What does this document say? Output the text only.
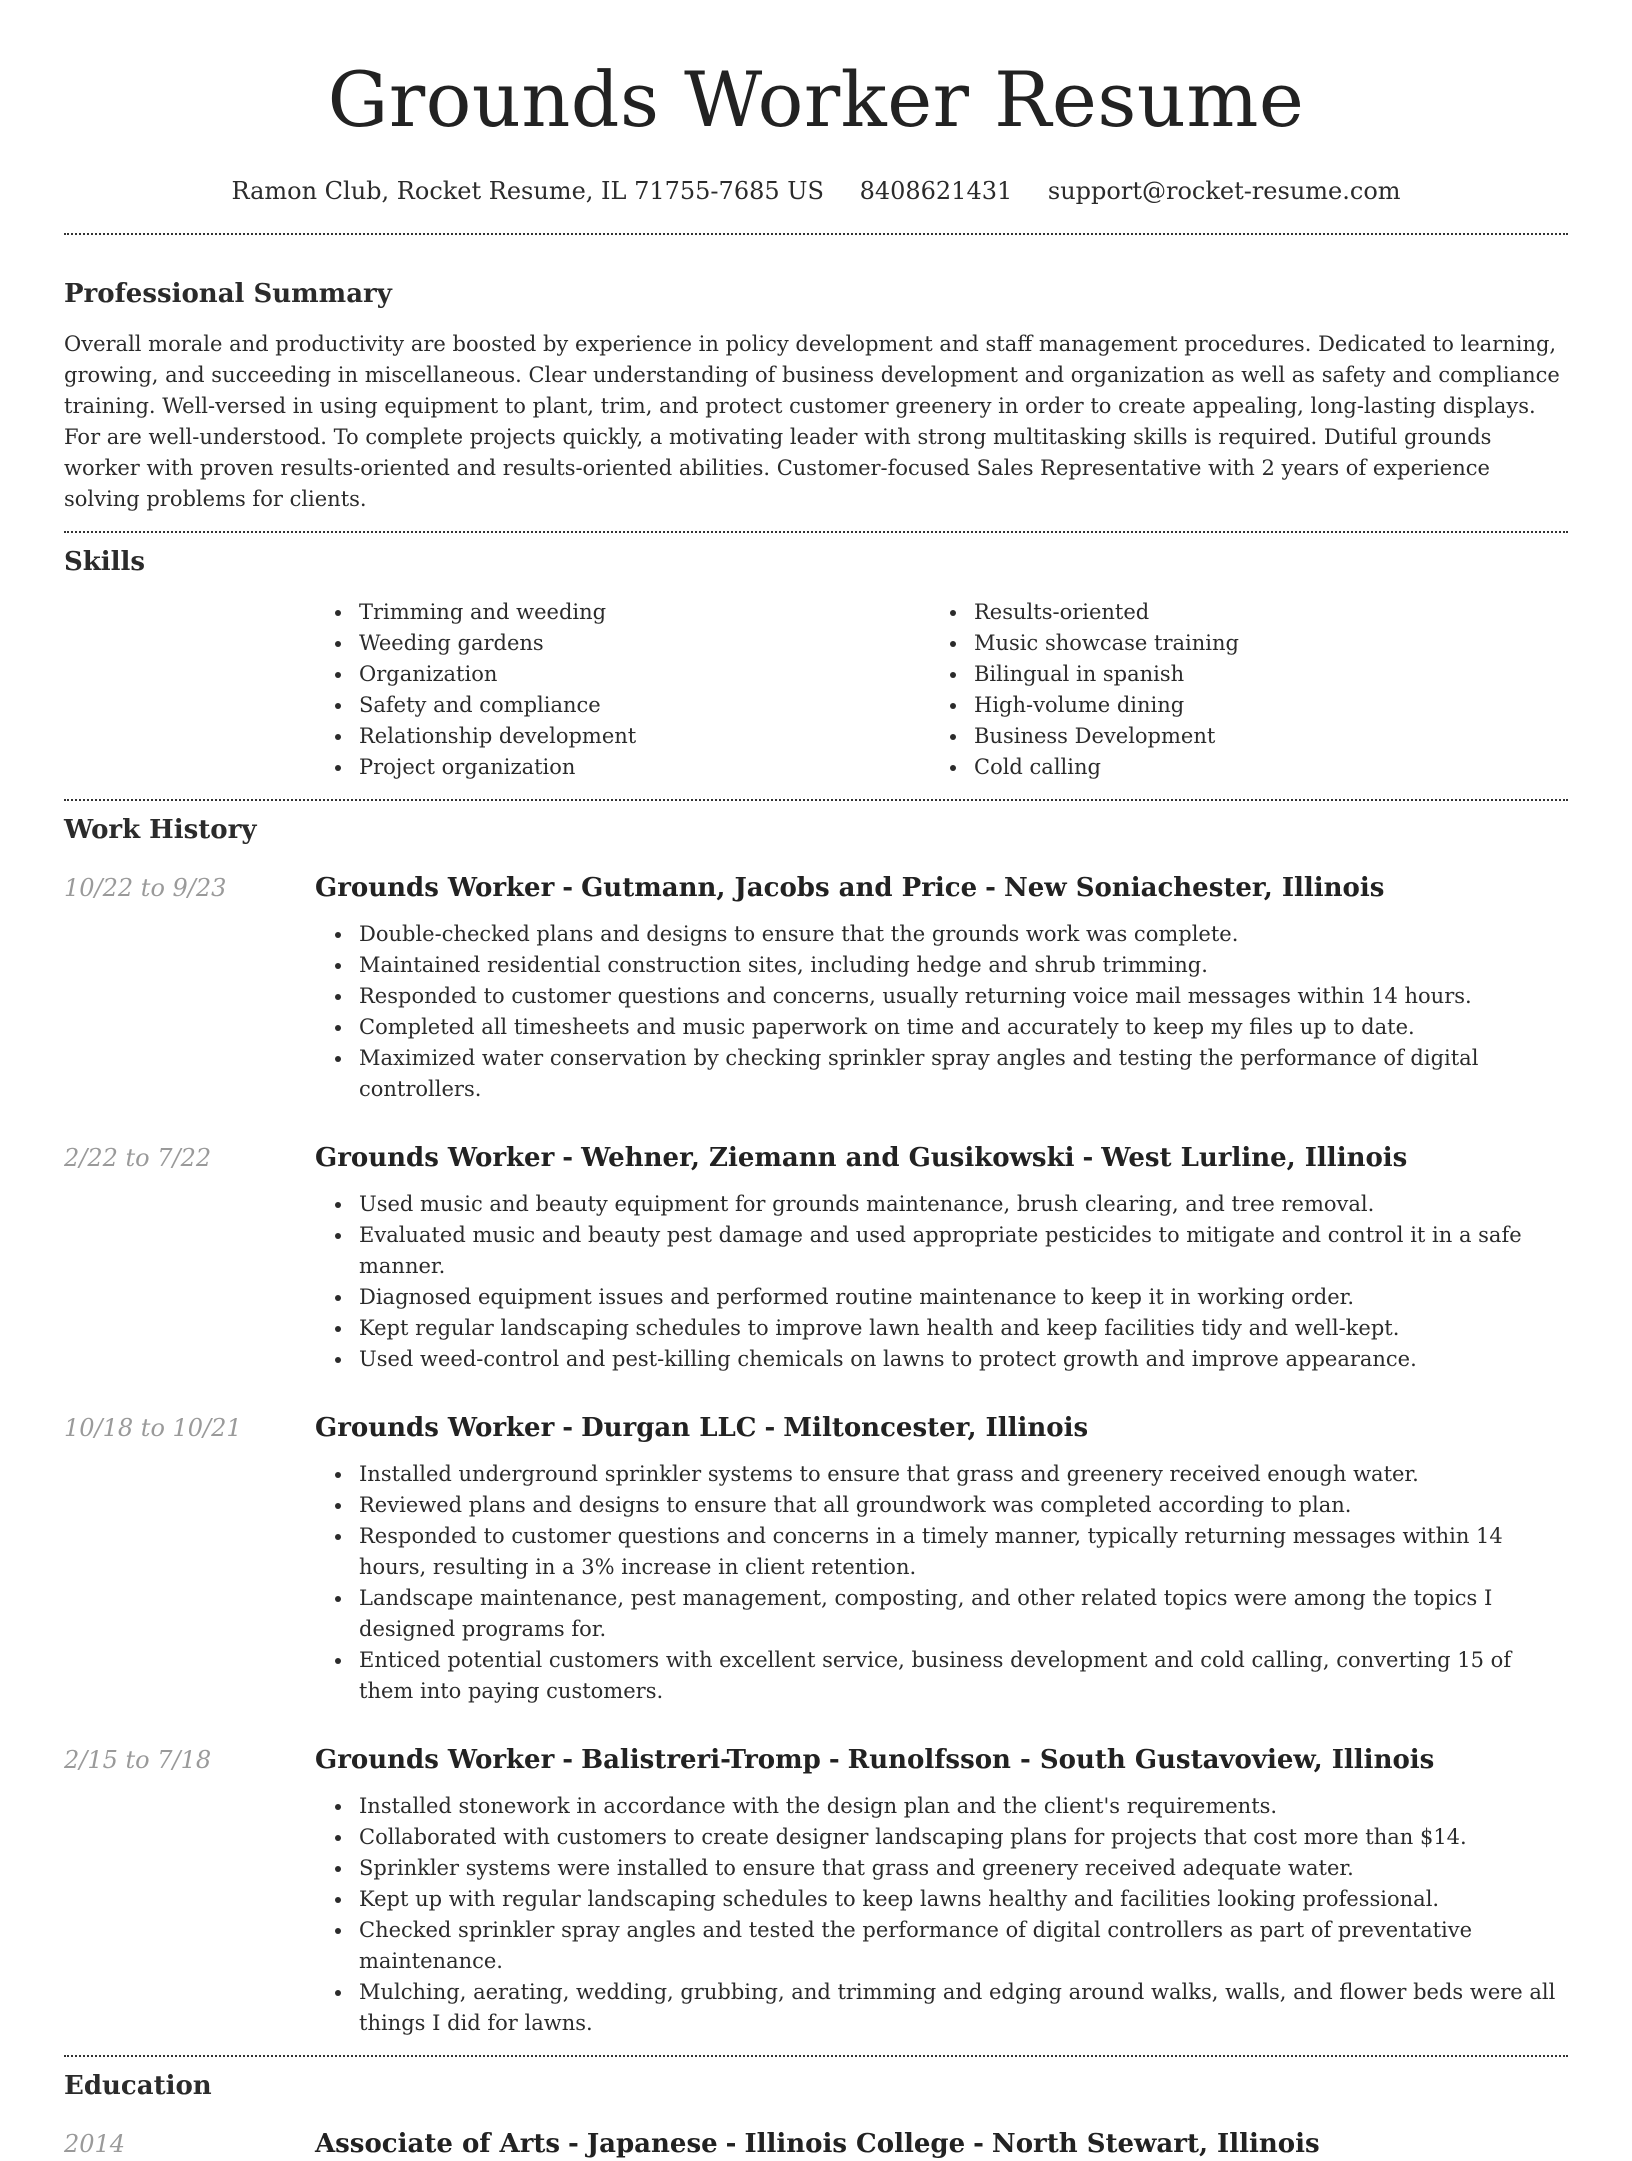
Grounds Worker Resume
Ramon Club, Rocket Resume, IL 71755-7685 US 8408621431 support@rocket-resume.com
Professional Summary

Overall morale and productivity are boosted by experience in policy development and staff management procedures. Dedicated to learning, growing, and succeeding in miscellaneous. Clear understanding of business development and organization as well as safety and compliance training. Well-versed in using equipment to plant, trim, and protect customer greenery in order to create appealing, long-lasting displays. For are well-understood. To complete projects quickly, a motivating leader with strong multitasking skills is required. Dutiful grounds worker with proven results-oriented and results-oriented abilities. Customer-focused Sales Representative with 2 years of experience solving problems for clients.

Skills
Trimming and weeding
Weeding gardens
Organization
Safety and compliance
Relationship development
Project organization
Results-oriented
Music showcase training
Bilingual in spanish
High-volume dining
Business Development
Cold calling
Work History
10/22 to 9/23	Grounds Worker - Gutmann, Jacobs and Price - New Soniachester, Illinois
Double-checked plans and designs to ensure that the grounds work was complete.
Maintained residential construction sites, including hedge and shrub trimming.
Responded to customer questions and concerns, usually returning voice mail messages within 14 hours.
Completed all timesheets and music paperwork on time and accurately to keep my files up to date.
Maximized water conservation by checking sprinkler spray angles and testing the performance of digital controllers.
2/22 to 7/22	Grounds Worker - Wehner, Ziemann and Gusikowski - West Lurline, Illinois
Used music and beauty equipment for grounds maintenance, brush clearing, and tree removal.
Evaluated music and beauty pest damage and used appropriate pesticides to mitigate and control it in a safe manner.
Diagnosed equipment issues and performed routine maintenance to keep it in working order.
Kept regular landscaping schedules to improve lawn health and keep facilities tidy and well-kept.
Used weed-control and pest-killing chemicals on lawns to protect growth and improve appearance.
10/18 to 10/21	Grounds Worker - Durgan LLC - Miltoncester, Illinois
Installed underground sprinkler systems to ensure that grass and greenery received enough water.
Reviewed plans and designs to ensure that all groundwork was completed according to plan.
Responded to customer questions and concerns in a timely manner, typically returning messages within 14 hours, resulting in a 3% increase in client retention.
Landscape maintenance, pest management, composting, and other related topics were among the topics I designed programs for.
Enticed potential customers with excellent service, business development and cold calling, converting 15 of them into paying customers.
2/15 to 7/18	Grounds Worker - Balistreri-Tromp - Runolfsson - South Gustavoview, Illinois
Installed stonework in accordance with the design plan and the client's requirements.
Collaborated with customers to create designer landscaping plans for projects that cost more than $14.
Sprinkler systems were installed to ensure that grass and greenery received adequate water.
Kept up with regular landscaping schedules to keep lawns healthy and facilities looking professional.
Checked sprinkler spray angles and tested the performance of digital controllers as part of preventative maintenance.
Mulching, aerating, wedding, grubbing, and trimming and edging around walks, walls, and flower beds were all things I did for lawns.
Education
2014	Associate of Arts - Japanese - Illinois College - North Stewart, Illinois
